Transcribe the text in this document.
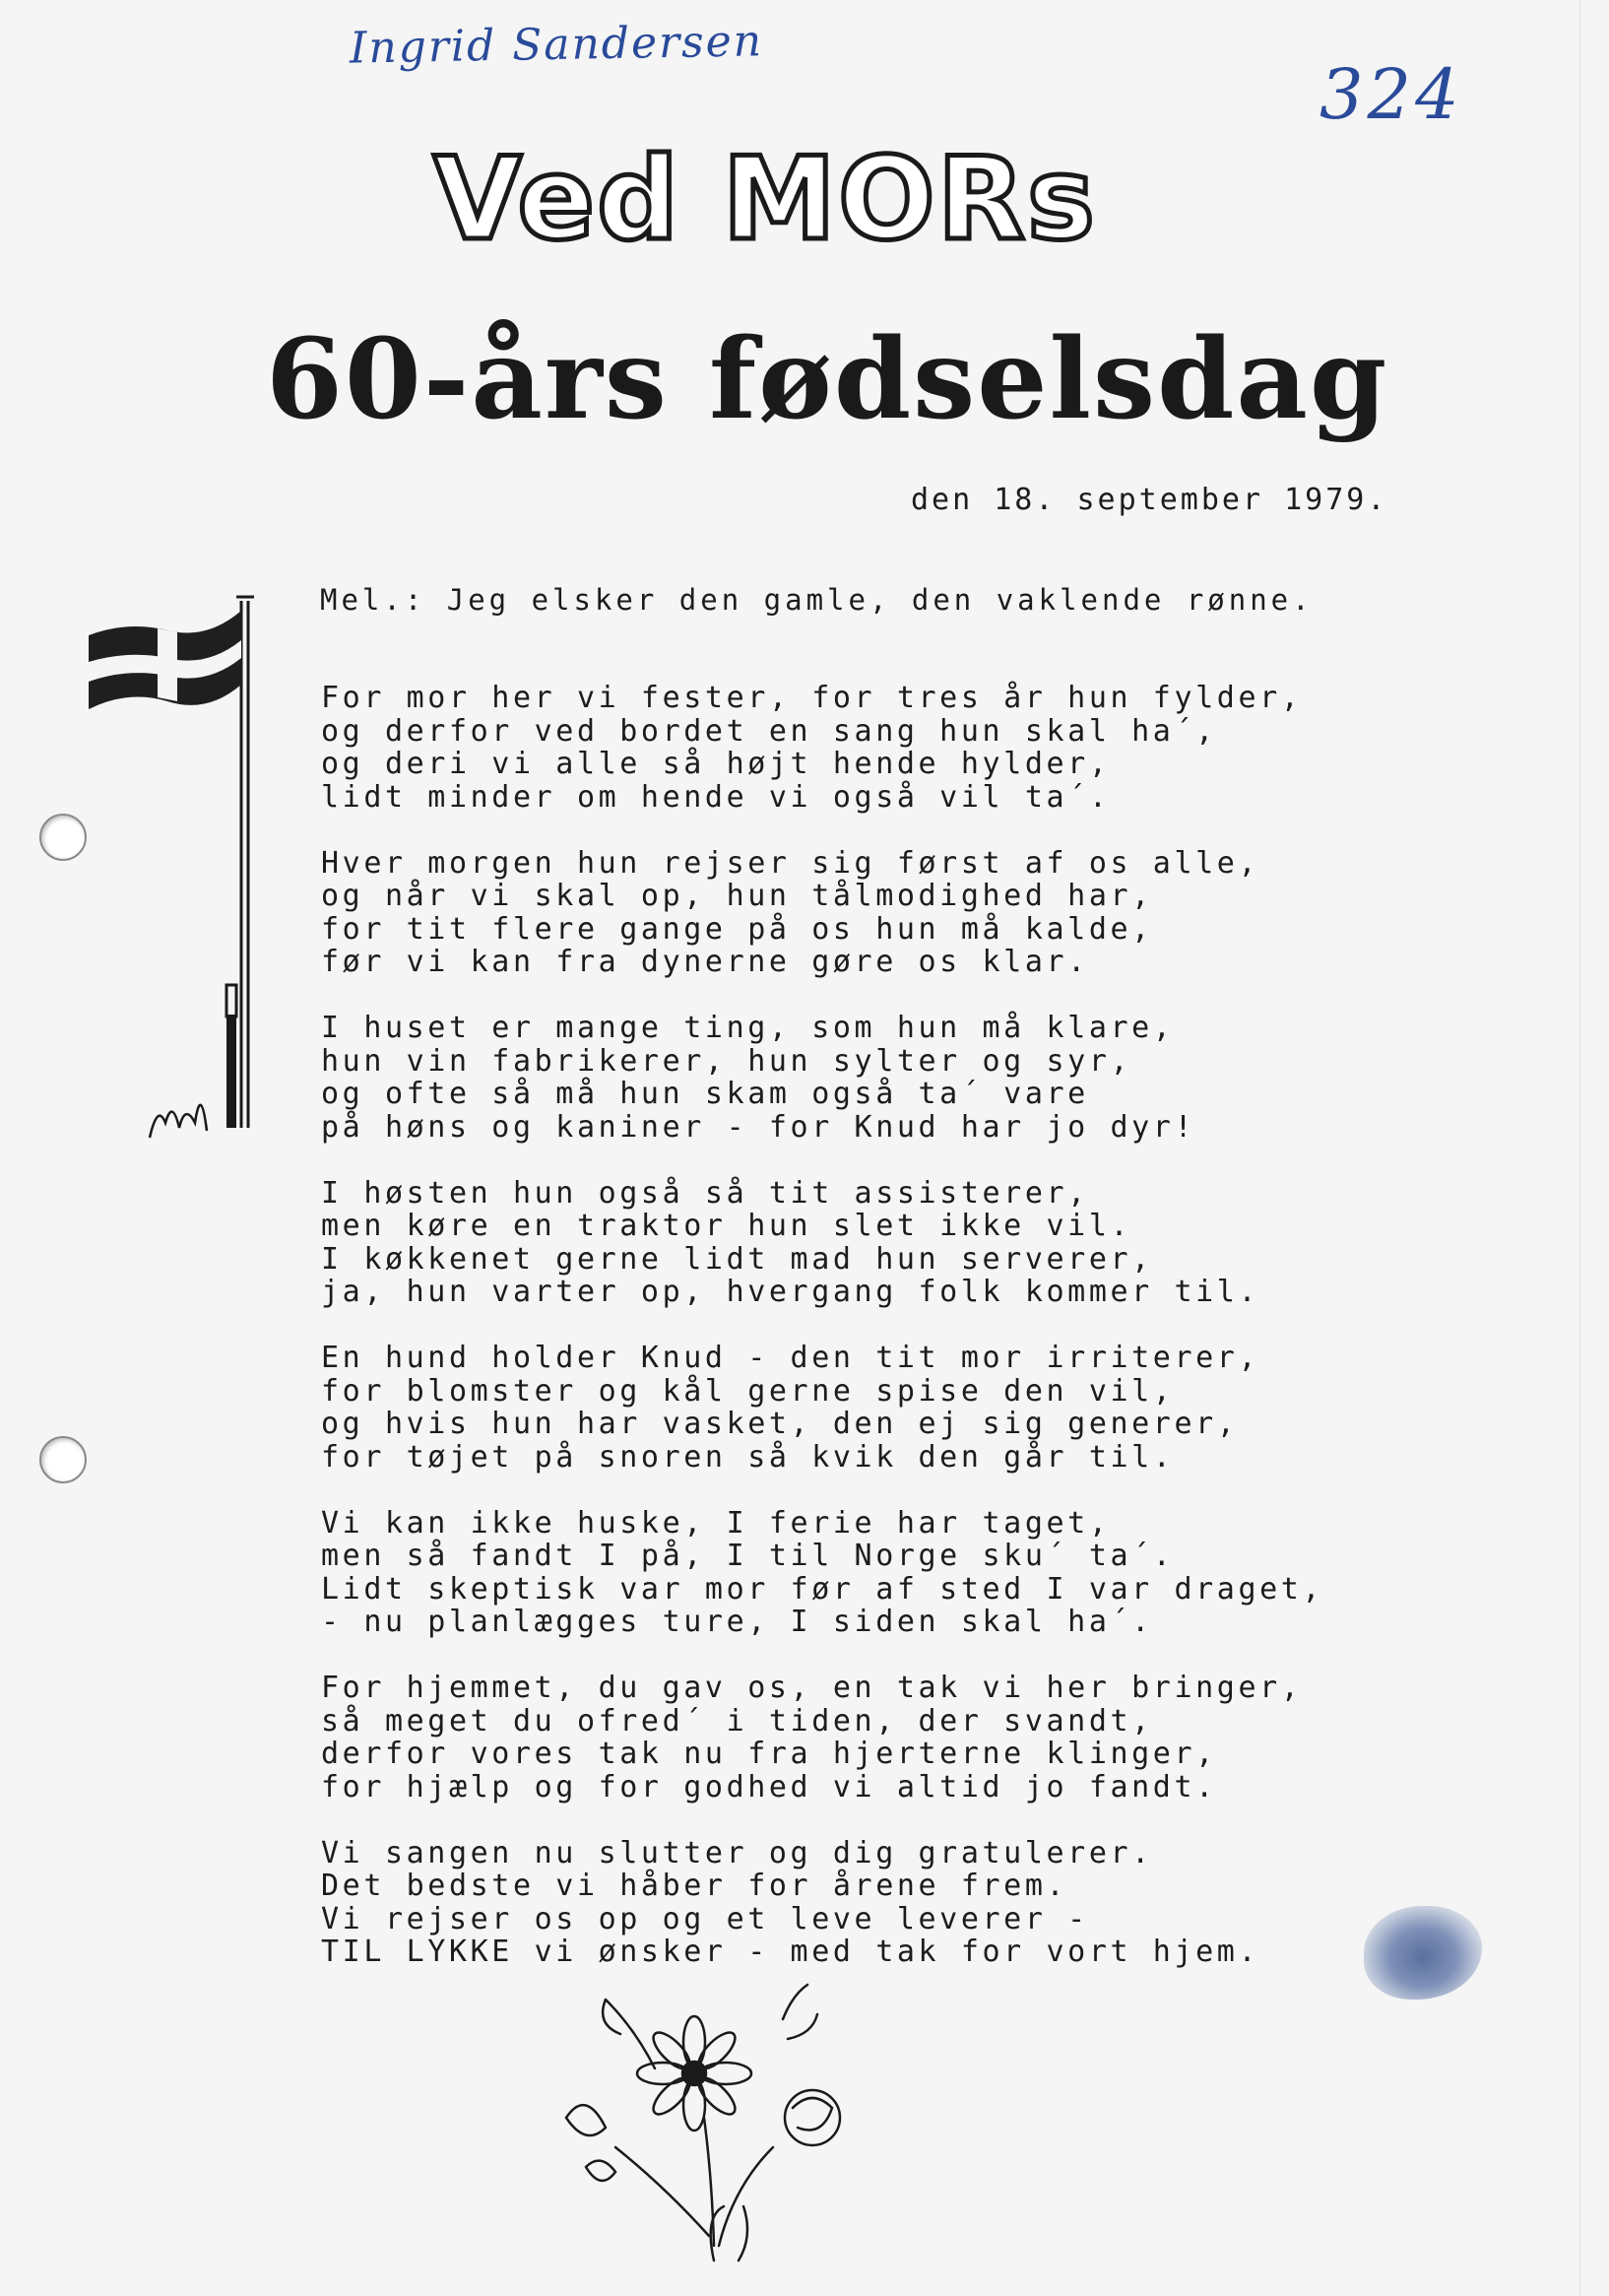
Ingrid Sandersen
324
Ved MORs
60-års fødselsdag
den 18. september 1979.
Mel.: Jeg elsker den gamle, den vaklende rønne.
For mor her vi fester, for tres år hun fylder,
og derfor ved bordet en sang hun skal ha´,
og deri vi alle så højt hende hylder,
lidt minder om hende vi også vil ta´.
Hver morgen hun rejser sig først af os alle,
og når vi skal op, hun tålmodighed har,
for tit flere gange på os hun må kalde,
før vi kan fra dynerne gøre os klar.
I huset er mange ting, som hun må klare,
hun vin fabrikerer, hun sylter og syr,
og ofte så må hun skam også ta´ vare
på høns og kaniner - for Knud har jo dyr!
I høsten hun også så tit assisterer,
men køre en traktor hun slet ikke vil.
I køkkenet gerne lidt mad hun serverer,
ja, hun varter op, hvergang folk kommer til.
En hund holder Knud - den tit mor irriterer,
for blomster og kål gerne spise den vil,
og hvis hun har vasket, den ej sig generer,
for tøjet på snoren så kvik den går til.
Vi kan ikke huske, I ferie har taget,
men så fandt I på, I til Norge sku´ ta´.
Lidt skeptisk var mor før af sted I var draget,
- nu planlægges ture, I siden skal ha´.
For hjemmet, du gav os, en tak vi her bringer,
så meget du ofred´ i tiden, der svandt,
derfor vores tak nu fra hjerterne klinger,
for hjælp og for godhed vi altid jo fandt.
Vi sangen nu slutter og dig gratulerer.
Det bedste vi håber for årene frem.
Vi rejser os op og et leve leverer -
TIL LYKKE vi ønsker - med tak for vort hjem.
